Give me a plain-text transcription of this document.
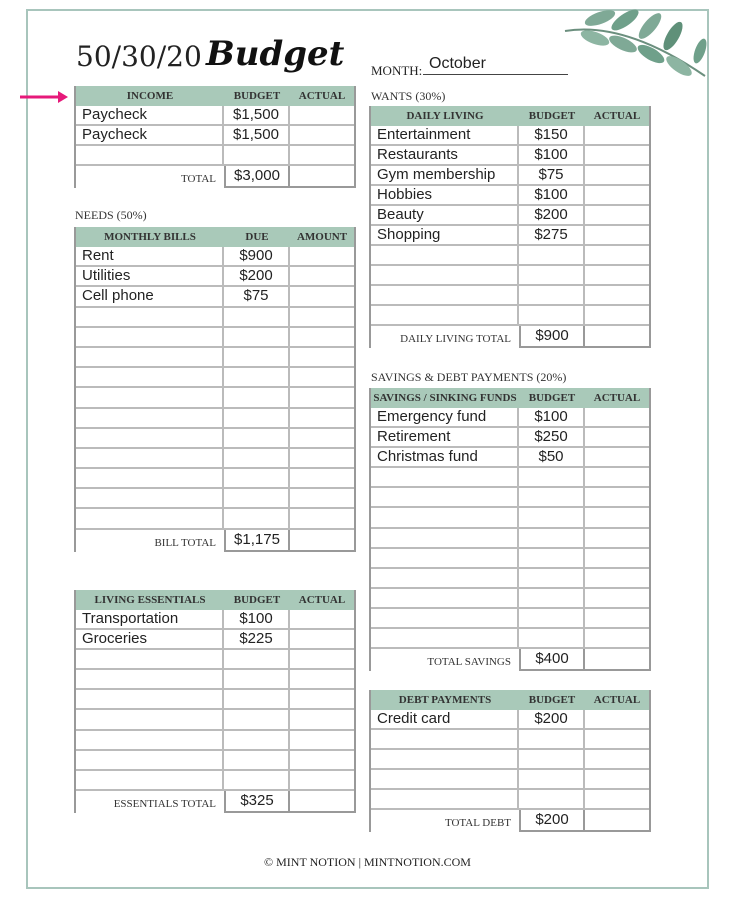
50/30/20 Budget MONTH: October
NEEDS (50%)
WANTS (30%)
SAVINGS & DEBT PAYMENTS (20%)
INCOME	BUDGET	ACTUAL
Paycheck	$1,500
Paycheck	$1,500
TOTAL	$3,000
MONTHLY BILLS	DUE	AMOUNT
Rent	$900
Utilities	$200
Cell phone	$75
BILL TOTAL	$1,175
LIVING ESSENTIALS	BUDGET	ACTUAL
Transportation	$100
Groceries	$225
ESSENTIALS TOTAL	$325
DAILY LIVING	BUDGET	ACTUAL
Entertainment	$150
Restaurants	$100
Gym membership	$75
Hobbies	$100
Beauty	$200
Shopping	$275
DAILY LIVING TOTAL	$900
SAVINGS / SINKING FUNDS	BUDGET	ACTUAL
Emergency fund	$100
Retirement	$250
Christmas fund	$50
TOTAL SAVINGS	$400
DEBT PAYMENTS	BUDGET	ACTUAL
Credit card	$200
TOTAL DEBT	$200
© MINT NOTION | MINTNOTION.COM
